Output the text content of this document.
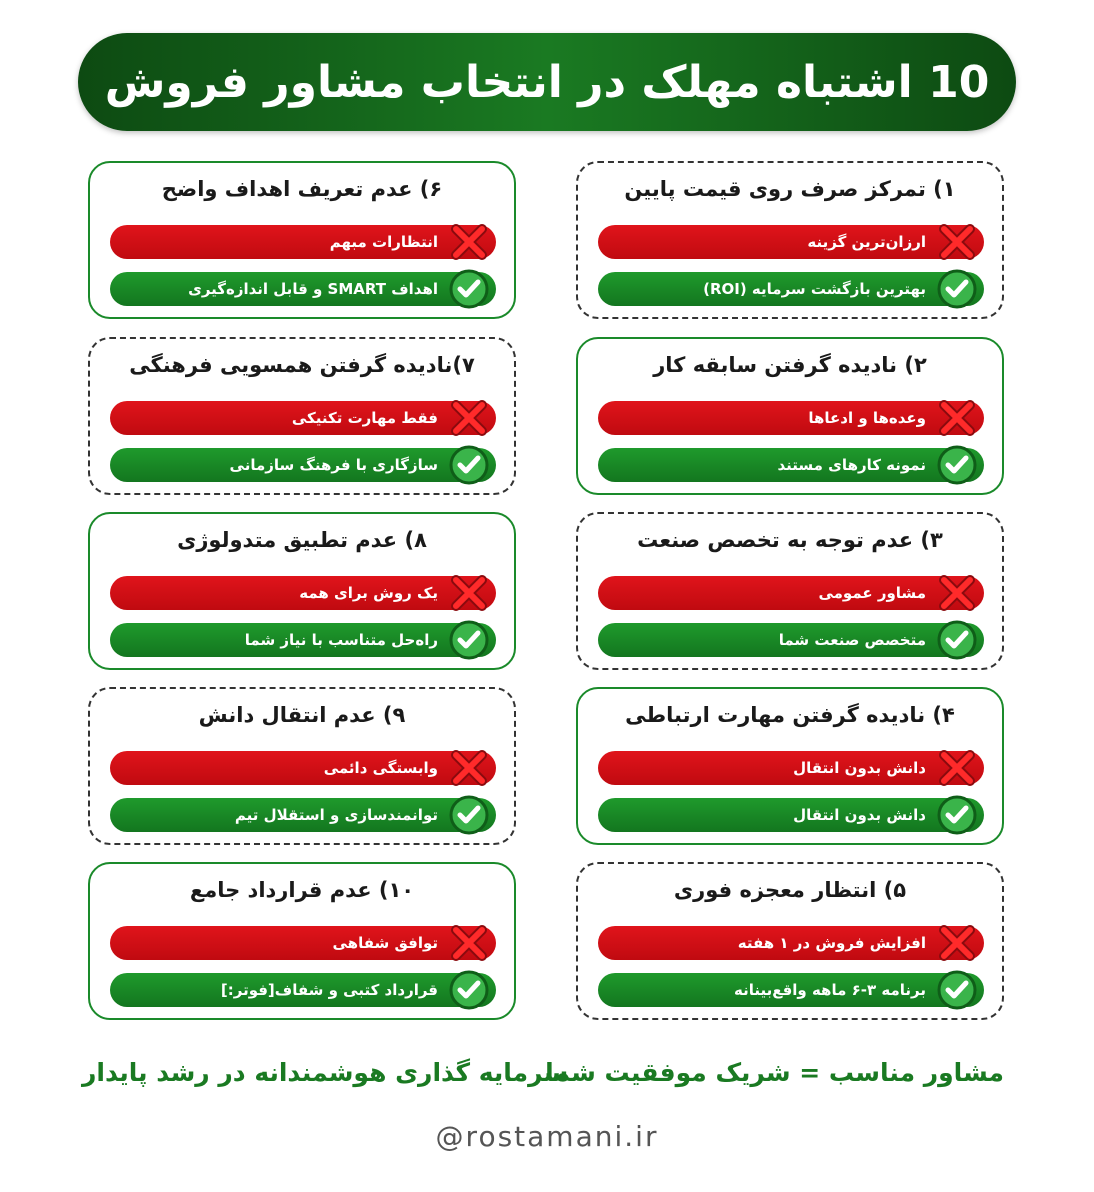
10 اشتباه مهلک در انتخاب مشاور فروش
۱) تمرکز صرف روی قیمت پایین
ارزان‌ترین گزینه
بهترین بازگشت سرمایه (ROI)
۲) نادیده گرفتن سابقه کار
وعده‌ها و ادعاها
نمونه کارهای مستند
۳) عدم توجه به تخصص صنعت
مشاور عمومی
متخصص صنعت شما
۴) نادیده گرفتن مهارت ارتباطی
دانش بدون انتقال
دانش بدون انتقال
۵) انتظار معجزه فوری
افزایش فروش در ۱ هفته
برنامه ۳-۶ ماهه واقع‌بینانه
۶) عدم تعریف اهداف واضح
انتظارات مبهم
اهداف SMART و قابل اندازه‌گیری
۷)نادیده گرفتن همسویی فرهنگی
فقط مهارت تکنیکی
سازگاری با فرهنگ سازمانی
۸) عدم تطبیق متدولوژی
یک روش برای همه
راه‌حل متناسب با نیاز شما
۹) عدم انتقال دانش
وابستگی دائمی
توانمندسازی و استقلال تیم
۱۰) عدم قرارداد جامع
توافق شفاهی
قرارداد کتبی و شفاف[فوتر:]
مشاور مناسب = شریک موفقیت شما
سرمایه گذاری هوشمندانه در رشد پایدار
@rostamani.ir
